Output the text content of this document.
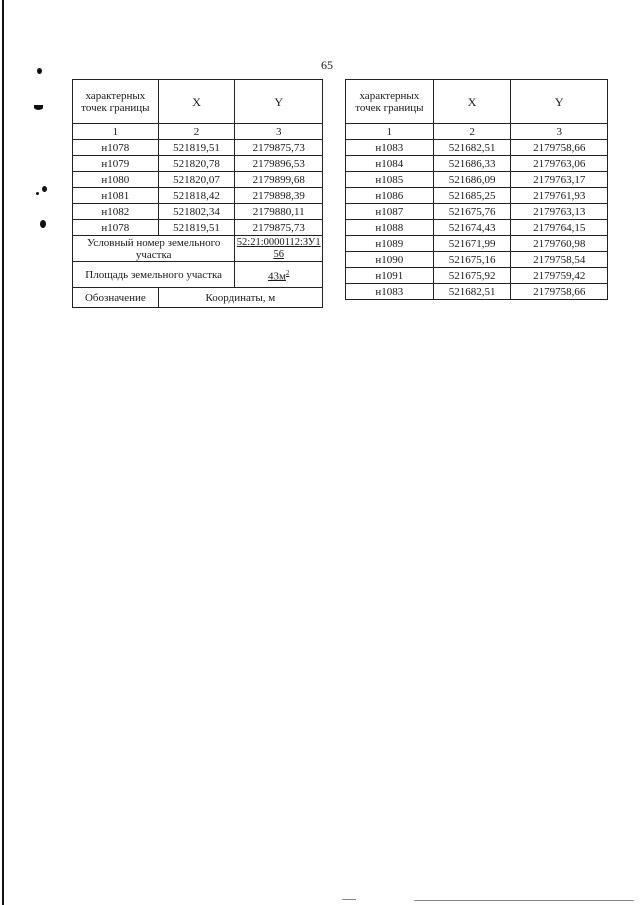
65
характерных точек границы	X	Y
1	2	3
н1078	521819,51	2179875,73
н1079	521820,78	2179896,53
н1080	521820,07	2179899,68
н1081	521818,42	2179898,39
н1082	521802,34	2179880,11
н1078	521819,51	2179875,73
Условный номер земельного участка		52:21:0000112:ЗУ156
Площадь земельного участка		$43м^2$
Обозначение	Координаты, м	
характерных точек границы	X	Y
1	2	3
н1083	521682,51	2179758,66
н1084	521686,33	2179763,06
н1085	521686,09	2179763,17
н1086	521685,25	2179761,93
н1087	521675,76	2179763,13
н1088	521674,43	2179764,15
н1089	521671,99	2179760,98
н1090	521675,16	2179758,54
н1091	521675,92	2179759,42
н1083	521682,51	2179758,66
